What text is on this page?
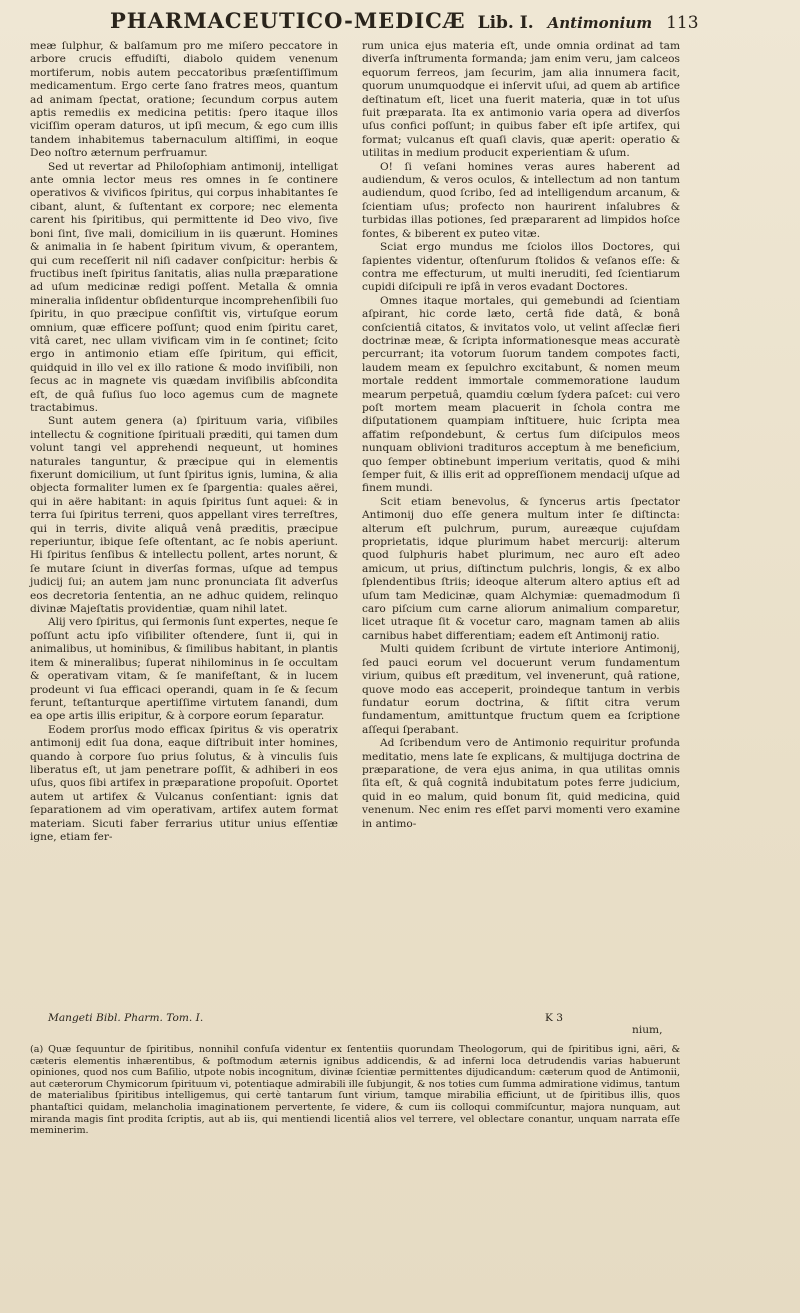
PHARMACEUTICO-MEDICÆ Lib. I. Antimonium 113

meæ ſulphur, & balſamum pro me miſero peccatore in arbore crucis effudiſti, diabolo quidem venenum mortiferum, nobis autem peccatoribus præſentiſſimum medicamentum. Ergo certe ſano fratres meos, quantum ad animam ſpectat, oratione; ſecundum corpus autem aptis remediis ex medicina petitis: ſpero itaque illos viciſſim operam daturos, ut ipſi mecum, & ego cum illis tandem inhabitemus tabernaculum altiſſimi, in eoque Deo noſtro æternum perfruamur.

Sed ut revertar ad Philoſophiam antimonij, intelligat ante omnia lector meus res omnes in ſe continere operativos & vivificos ſpiritus, qui corpus inhabitantes ſe cibant, alunt, & ſuſtentant ex corpore; nec elementa carent his ſpiritibus, qui permittente id Deo vivo, ſive boni ſint, ſive mali, domicilium in iis quærunt. Homines & animalia in ſe habent ſpiritum vivum, & operantem, qui cum receſſerit nil niſi cadaver conſpicitur: herbis & fructibus ineſt ſpiritus ſanitatis, alias nulla præparatione ad uſum medicinæ redigi poſſent. Metalla & omnia mineralia inſidentur obſidenturque incomprehenſibili ſuo ſpiritu, in quo præcipue conſiſtit vis, virtuſque eorum omnium, quæ efficere poſſunt; quod enim ſpiritu caret, vitâ caret, nec ullam vivificam vim in ſe continet; ſcito ergo in antimonio etiam eſſe ſpiritum, qui efficit, quidquid in illo vel ex illo ratione & modo inviſibili, non ſecus ac in magnete vis quædam inviſibilis abſcondita eſt, de quâ fuſius ſuo loco agemus cum de magnete tractabimus.

Sunt autem genera (a) ſpirituum varia, viſibiles intellectu & cognitione ſpirituali præditi, qui tamen dum volunt tangi vel apprehendi nequeunt, ut homines naturales tanguntur, & præcipue qui in elementis fixerunt domicilium, ut ſunt ſpiritus ignis, lumina, & alia objecta formaliter lumen ex ſe ſpargentia: quales aërei, qui in aëre habitant: in aquis ſpiritus ſunt aquei: & in terra ſui ſpiritus terreni, quos appellant vires terreſtres, qui in terris, divite aliquâ venâ præditis, præcipue reperiuntur, ibique ſeſe oſtentant, ac ſe nobis aperiunt. Hi ſpiritus ſenſibus & intellectu pollent, artes norunt, & ſe mutare ſciunt in diverſas formas, uſque ad tempus judicij ſui; an autem jam nunc pronunciata ſit adverſus eos decretoria ſententia, an ne adhuc quidem, relinquo divinæ Majeſtatis providentiæ, quam nihil latet.

Alij vero ſpiritus, qui ſermonis ſunt expertes, neque ſe poſſunt actu ipſo viſibiliter oſtendere, ſunt ii, qui in animalibus, ut hominibus, & ſimilibus habitant, in plantis item & mineralibus; ſuperat nihilominus in ſe occultam & operativam vitam, & ſe manifeſtant, & in lucem prodeunt vi ſua efficaci operandi, quam in ſe & ſecum ferunt, teſtanturque apertiſſime virtutem ſanandi, dum ea ope artis illis eripitur, & à corpore eorum ſeparatur.

Eodem prorſus modo efficax ſpiritus & vis operatrix antimonij edit ſua dona, eaque diſtribuit inter homines, quando à corpore ſuo prius ſolutus, & à vinculis ſuis liberatus eſt, ut jam penetrare poſſit, & adhiberi in eos uſus, quos ſibi artifex in præparatione propoſuit. Oportet autem ut artifex & Vulcanus conſentiant: ignis dat ſeparationem ad vim operativam, artifex autem format materiam. Sicuti faber ferrarius utitur unius eſſentiæ igne, etiam fer-

rum unica ejus materia eſt, unde omnia ordinat ad tam diverſa inſtrumenta formanda; jam enim veru, jam calceos equorum ferreos, jam ſecurim, jam alia innumera facit, quorum unumquodque ei inſervit uſui, ad quem ab artifice deſtinatum eſt, licet una fuerit materia, quæ in tot uſus fuit præparata. Ita ex antimonio varia opera ad diverſos uſus confici poſſunt; in quibus faber eſt ipſe artifex, qui format; vulcanus eſt quaſi clavis, quæ aperit: operatio & utilitas in medium producit experientiam & uſum.

O! ſi veſani homines veras aures haberent ad audiendum, & veros oculos, & intellectum ad non tantum audiendum, quod ſcribo, ſed ad intelligendum arcanum, & ſcientiam uſus; profecto non haurirent inſalubres & turbidas illas potiones, ſed præpararent ad limpidos hoſce fontes, & biberent ex puteo vitæ.

Sciat ergo mundus me ſciolos illos Doctores, qui ſapientes videntur, oſtenſurum ſtolidos & veſanos eſſe: & contra me effecturum, ut multi ineruditi, ſed ſcientiarum cupidi diſcipuli re ipſâ in veros evadant Doctores.

Omnes itaque mortales, qui gemebundi ad ſcientiam aſpirant, hic corde læto, certâ fide datâ, & bonâ conſcientiâ citatos, & invitatos volo, ut velint aſſeclæ fieri doctrinæ meæ, & ſcripta informationesque meas accuratè percurrant; ita votorum ſuorum tandem compotes facti, laudem meam ex ſepulchro excitabunt, & nomen meum mortale reddent immortale commemoratione laudum mearum perpetuâ, quamdiu cœlum ſydera paſcet: cui vero poſt mortem meam placuerit in ſchola contra me diſputationem quampiam inſtituere, huic ſcripta mea affatim reſpondebunt, & certus ſum diſcipulos meos nunquam oblivioni tradituros acceptum à me beneficium, quo ſemper obtinebunt imperium veritatis, quod & mihi ſemper fuit, & illis erit ad oppreſſionem mendacij uſque ad finem mundi.

Scit etiam benevolus, & ſyncerus artis ſpectator Antimonij duo eſſe genera multum inter ſe diſtincta: alterum eſt pulchrum, purum, aureæque cujuſdam proprietatis, idque plurimum habet mercurij: alterum quod ſulphuris habet plurimum, nec auro eſt adeo amicum, ut prius, diſtinctum pulchris, longis, & ex albo ſplendentibus ſtriis; ideoque alterum altero aptius eſt ad uſum tam Medicinæ, quam Alchymiæ: quemadmodum ſi caro piſcium cum carne aliorum animalium comparetur, licet utraque ſit & vocetur caro, magnam tamen ab aliis carnibus habet differentiam; eadem eſt Antimonij ratio.

Multi quidem ſcribunt de virtute interiore Antimonij, ſed pauci eorum vel docuerunt verum fundamentum virium, quibus eſt præditum, vel invenerunt, quâ ratione, quove modo eas acceperit, proindeque tantum in verbis fundatur eorum doctrina, & ſiſtit citra verum fundamentum, amittuntque fructum quem ea ſcriptione aſſequi ſperabant.

Ad ſcribendum vero de Antimonio requiritur profunda meditatio, mens late ſe explicans, & multijuga doctrina de præparatione, de vera ejus anima, in qua utilitas omnis ſita eſt, & quâ cognitâ indubitatum potes ferre judicium, quid in eo malum, quid bonum ſit, quid medicina, quid venenum. Nec enim res eſſet parvi momenti vero examine in antimo-

Mangeti Bibl. Pharm. Tom. I.	K 3
nium,

(a) Quæ ſequuntur de ſpiritibus, nonnihil confuſa videntur ex ſententiis quorundam Theologorum, qui de ſpiritibus igni, aëri, & cæteris elementis inhærentibus, & poſtmodum æternis ignibus addicendis, & ad inferni loca detrudendis varias habuerunt opiniones, quod nos cum Baſilio, utpote nobis incognitum, divinæ ſcientiæ permittentes dijudicandum: cæterum quod de Antimonii, aut cæterorum Chymicorum ſpirituum vi, potentiaque admirabili ille ſubjungit, & nos toties cum ſumma admiratione vidimus, tantum de materialibus ſpiritibus intelligemus, qui certè tantarum ſunt virium, tamque mirabilia efficiunt, ut de ſpiritibus illis, quos phantaſtici quidam, melancholia imaginationem pervertente, ſe videre, & cum iis colloqui commiſcuntur, majora nunquam, aut miranda magis ſint prodita ſcriptis, aut ab iis, qui mentiendi licentiâ alios vel terrere, vel oblectare conantur, unquam narrata eſſe meminerim.
